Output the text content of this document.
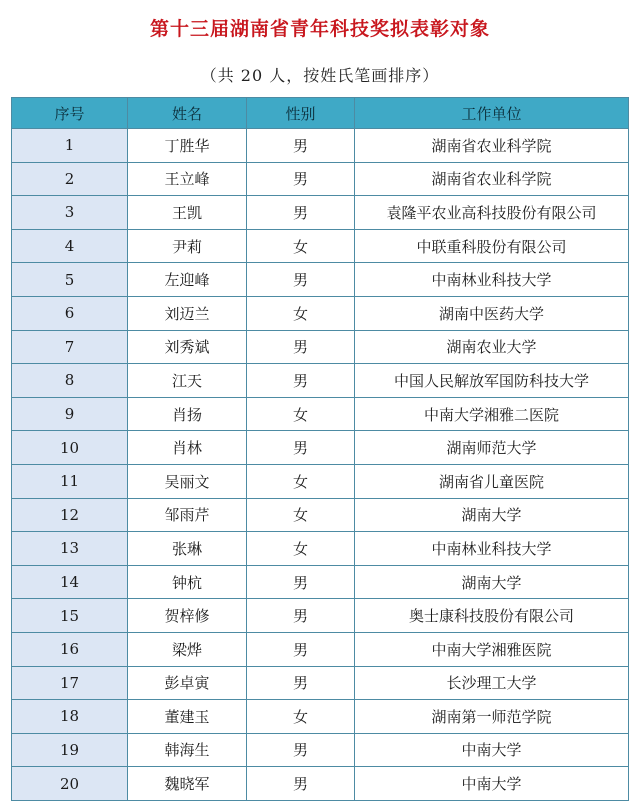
第十三届湖南省青年科技奖拟表彰对象
（共 20 人，按姓氏笔画排序）
序号	姓名	性别	工作单位
1	丁胜华	男	湖南省农业科学院
2	王立峰	男	湖南省农业科学院
3	王凯	男	袁隆平农业高科技股份有限公司
4	尹莉	女	中联重科股份有限公司
5	左迎峰	男	中南林业科技大学
6	刘迈兰	女	湖南中医药大学
7	刘秀斌	男	湖南农业大学
8	江天	男	中国人民解放军国防科技大学
9	肖扬	女	中南大学湘雅二医院
10	肖林	男	湖南师范大学
11	吴丽文	女	湖南省儿童医院
12	邹雨芹	女	湖南大学
13	张琳	女	中南林业科技大学
14	钟杭	男	湖南大学
15	贺梓修	男	奥士康科技股份有限公司
16	梁烨	男	中南大学湘雅医院
17	彭卓寅	男	长沙理工大学
18	董建玉	女	湖南第一师范学院
19	韩海生	男	中南大学
20	魏晓军	男	中南大学
